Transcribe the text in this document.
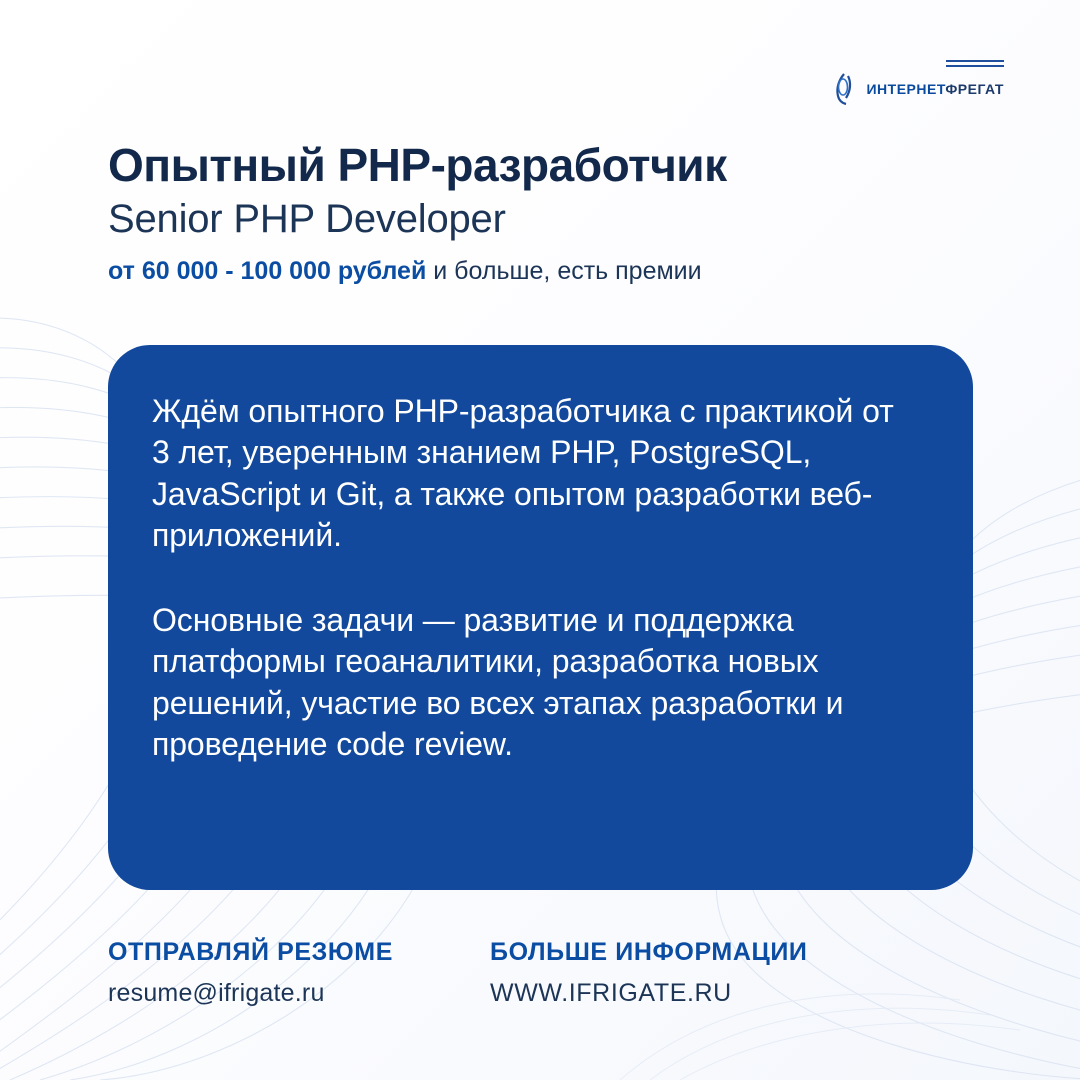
ИНТЕРНЕТФРЕГАТ
Опытный PHP-разработчик
Senior PHP Developer

от 60 000 - 100 000 рублей и больше, есть премии

Ждём опытного PHP-разработчика с практикой от 3 лет, уверенным знанием PHP, PostgreSQL, JavaScript и Git, а также опытом разработки веб-приложений.

Основные задачи — развитие и поддержка платформы геоаналитики, разработка новых решений, участие во всех этапах разработки и проведение code review.

ОТПРАВЛЯЙ РЕЗЮМЕ
resume@ifrigate.ru
БОЛЬШЕ ИНФОРМАЦИИ
WWW.IFRIGATE.RU
